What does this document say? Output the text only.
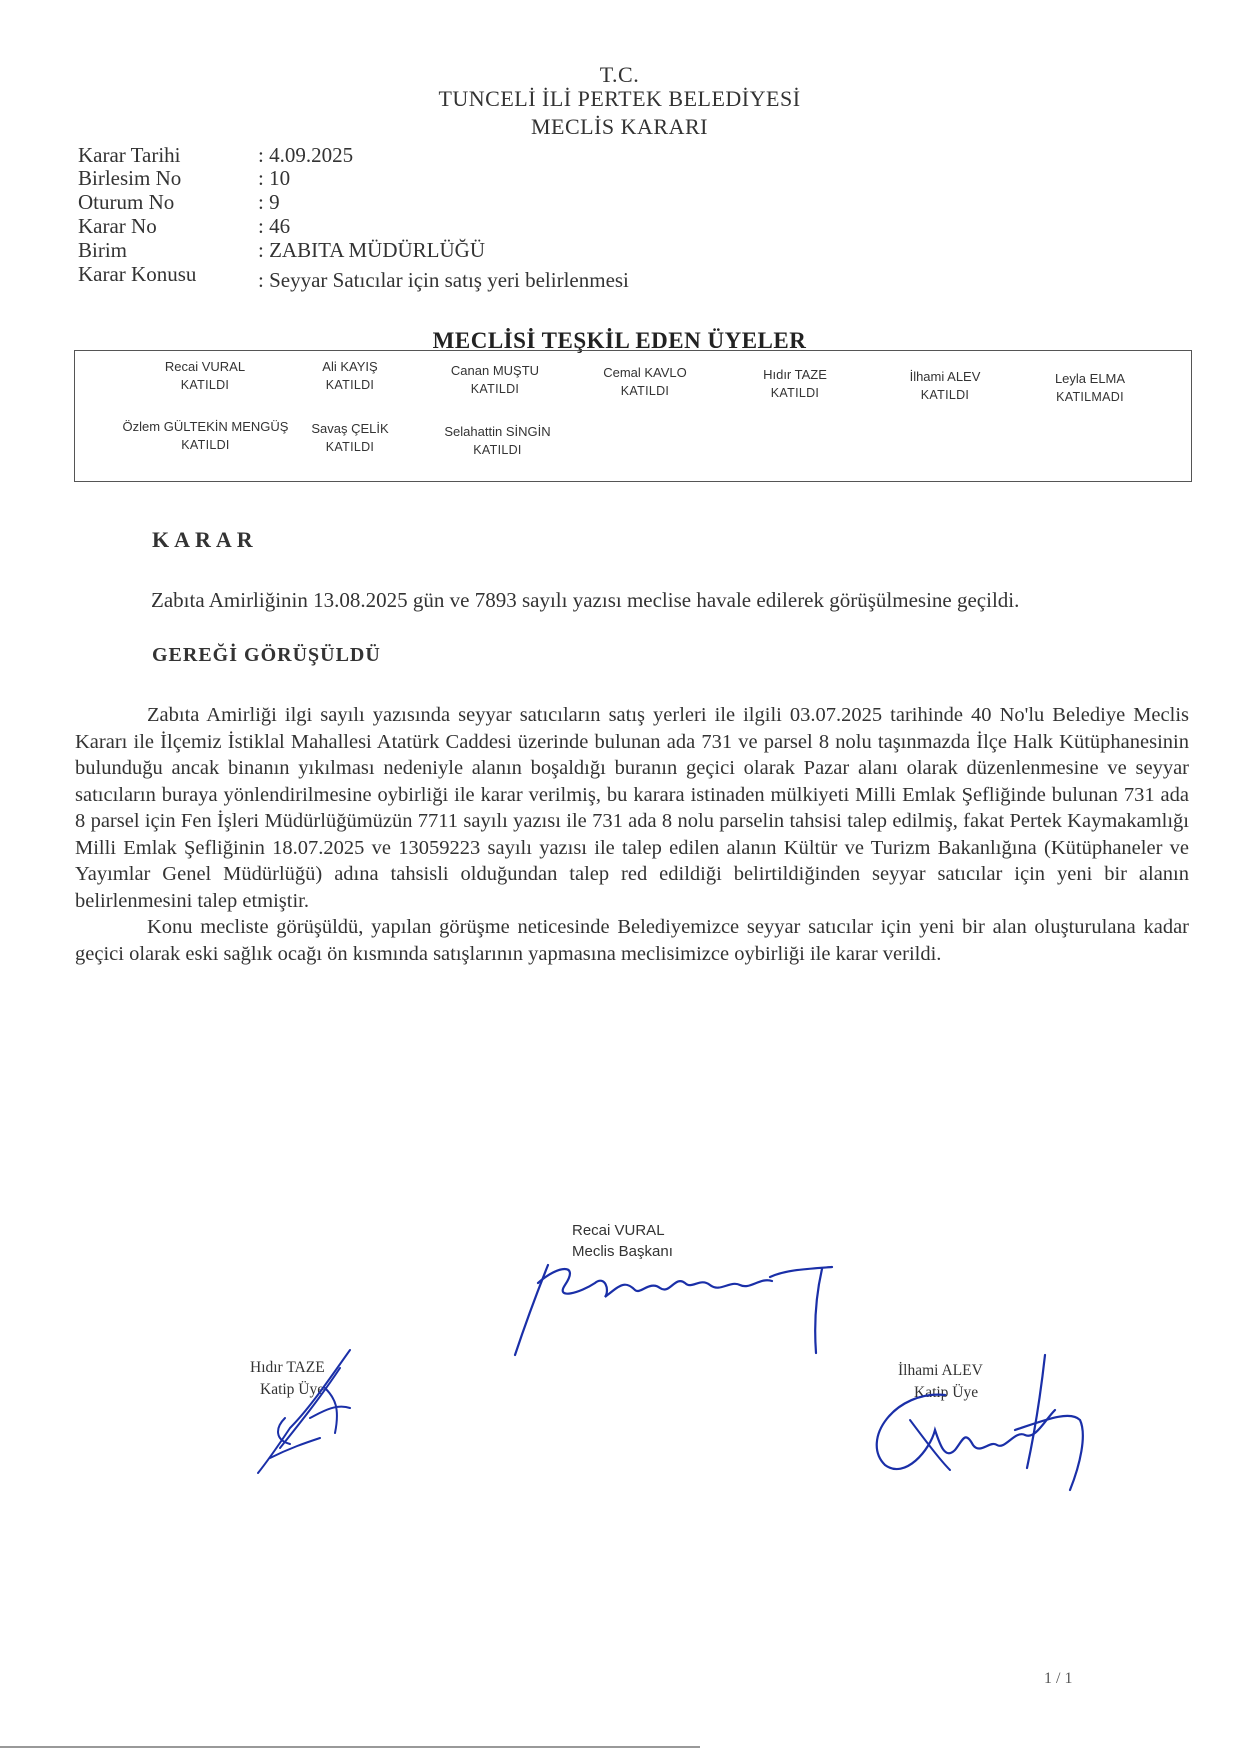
T.C.
TUNCELİ İLİ PERTEK BELEDİYESİ
MECLİS KARARI
Karar Tarihi	: 4.09.2025
Birlesim No	: 10
Oturum No	: 9
Karar No	: 46
Birim	: ZABITA MÜDÜRLÜĞÜ
Karar Konusu	: Seyyar Satıcılar için satış yeri belirlenmesi
MECLİSİ TEŞKİL EDEN ÜYELER
Recai VURAL
KATILDI
Ali KAYIŞ
KATILDI
Canan MUŞTU
KATILDI
Cemal KAVLO
KATILDI
Hıdır TAZE
KATILDI
İlhami ALEV
KATILDI
Leyla ELMA
KATILMADI
Özlem GÜLTEKİN MENGÜŞ
KATILDI
Savaş ÇELİK
KATILDI
Selahattin SİNGİN
KATILDI
KARAR
Zabıta Amirliğinin 13.08.2025 gün ve 7893 sayılı yazısı meclise havale edilerek görüşülmesine geçildi.
GEREĞİ GÖRÜŞÜLDÜ

Zabıta Amirliği ilgi sayılı yazısında seyyar satıcıların satış yerleri ile ilgili 03.07.2025 tarihinde 40 No'lu Belediye Meclis Kararı ile İlçemiz İstiklal Mahallesi Atatürk Caddesi üzerinde bulunan ada 731 ve parsel 8 nolu taşınmazda İlçe Halk Kütüphanesinin bulunduğu ancak binanın yıkılması nedeniyle alanın boşaldığı buranın geçici olarak Pazar alanı olarak düzenlenmesine ve seyyar satıcıların buraya yönlendirilmesine oybirliği ile karar verilmiş, bu karara istinaden mülkiyeti Milli Emlak Şefliğinde bulunan 731 ada 8 parsel için Fen İşleri Müdürlüğümüzün 7711 sayılı yazısı ile 731 ada 8 nolu parselin tahsisi talep edilmiş, fakat Pertek Kaymakamlığı Milli Emlak Şefliğinin 18.07.2025 ve 13059223 sayılı yazısı ile talep edilen alanın Kültür ve Turizm Bakanlığına (Kütüphaneler ve Yayımlar Genel Müdürlüğü) adına tahsisli olduğundan talep red edildiği belirtildiğinden seyyar satıcılar için yeni bir alanın belirlenmesini talep etmiştir.

Konu mecliste görüşüldü, yapılan görüşme neticesinde Belediyemizce seyyar satıcılar için yeni bir alan oluşturulana kadar geçici olarak eski sağlık ocağı ön kısmında satışlarının yapmasına meclisimizce oybirliği ile karar verildi.

Recai VURAL
Meclis Başkanı
Hıdır TAZE
Katip Üye
İlhami ALEV
Katip Üye
1 / 1
